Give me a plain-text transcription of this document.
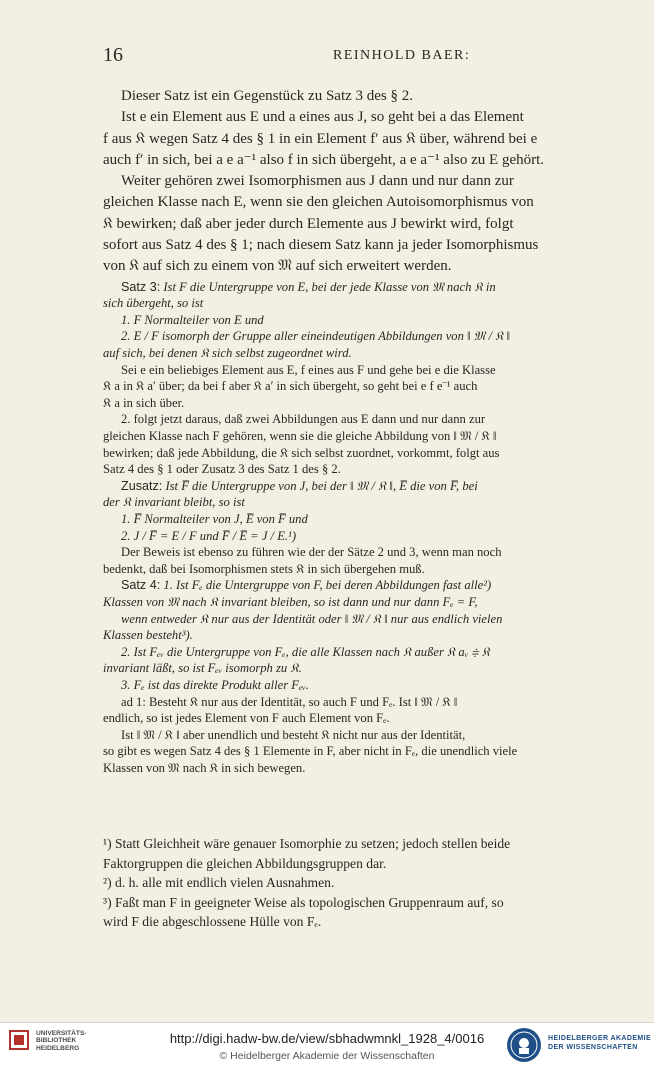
16	REINHOLD BAER:

Dieser Satz ist ein Gegenstück zu Satz 3 des § 2.

Ist e ein Element aus E und a eines aus J, so geht bei a das Element
f aus 𝔎 wegen Satz 4 des § 1 in ein Element f′ aus 𝔎 über, während bei e
auch f′ in sich, bei a e a⁻¹ also f in sich übergeht, a e a⁻¹ also zu E gehört.

Weiter gehören zwei Isomorphismen aus J dann und nur dann zur
gleichen Klasse nach E, wenn sie den gleichen Autoisomorphismus von
𝔎 bewirken; daß aber jeder durch Elemente aus J bewirkt wird, folgt
sofort aus Satz 4 des § 1; nach diesem Satz kann ja jeder Isomorphismus
von 𝔎 auf sich zu einem von 𝔐 auf sich erweitert werden.

Satz 3: Ist F die Untergruppe von E, bei der jede Klasse von 𝔐 nach 𝔎 in
sich übergeht, so ist

1. F Normalteiler von E und

2. E / F isomorph der Gruppe aller eineindeutigen Abbildungen von ‖ 𝔐 / 𝔎 ‖
auf sich, bei denen 𝔎 sich selbst zugeordnet wird.

Sei e ein beliebiges Element aus E, f eines aus F und gehe bei e die Klasse
𝔎 a in 𝔎 a′ über; da bei f aber 𝔎 a′ in sich übergeht, so geht bei e f e⁻¹ auch
𝔎 a in sich über.

2. folgt jetzt daraus, daß zwei Abbildungen aus E dann und nur dann zur
gleichen Klasse nach F gehören, wenn sie die gleiche Abbildung von ‖ 𝔐 / 𝔎 ‖
bewirken; daß jede Abbildung, die 𝔎 sich selbst zuordnet, vorkommt, folgt aus
Satz 4 des § 1 oder Zusatz 3 des Satz 1 des § 2.

Zusatz: Ist F̅ die Untergruppe von J, bei der ‖ 𝔐 / 𝔎 ‖, E̅ die von F̅, bei
der 𝔎 invariant bleibt, so ist

1. F̅ Normalteiler von J, E̅ von F̅ und

2. J / F̅ = E / F und F̅ / E̅ = J / E.¹)

Der Beweis ist ebenso zu führen wie der der Sätze 2 und 3, wenn man noch
bedenkt, daß bei Isomorphismen stets 𝔎 in sich übergehen muß.

Satz 4: 1. Ist Fₑ die Untergruppe von F, bei deren Abbildungen fast alle²)
Klassen von 𝔐 nach 𝔎 invariant bleiben, so ist dann und nur dann Fₑ = F,

wenn entweder 𝔎 nur aus der Identität oder ‖ 𝔐 / 𝔎 ‖ nur aus endlich vielen
Klassen besteht³).

2. Ist Fₑᵥ die Untergruppe von Fₑ, die alle Klassen nach 𝔎 außer 𝔎 aᵥ ≑ 𝔎
invariant läßt, so ist Fₑᵥ isomorph zu 𝔎.

3. Fₑ ist das direkte Produkt aller Fₑᵥ.

ad 1: Besteht 𝔎 nur aus der Identität, so auch F und Fₑ. Ist ‖ 𝔐 / 𝔎 ‖
endlich, so ist jedes Element von F auch Element von Fₑ.

Ist ‖ 𝔐 / 𝔎 ‖ aber unendlich und besteht 𝔎 nicht nur aus der Identität,
so gibt es wegen Satz 4 des § 1 Elemente in F, aber nicht in Fₑ, die unendlich viele
Klassen von 𝔐 nach 𝔎 in sich bewegen.

¹) Statt Gleichheit wäre genauer Isomorphie zu setzen; jedoch stellen beide
Faktorgruppen die gleichen Abbildungsgruppen dar.

²) d. h. alle mit endlich vielen Ausnahmen.

³) Faßt man F in geeigneter Weise als topologischen Gruppenraum auf, so
wird F die abgeschlossene Hülle von Fₑ.

UNIVERSITÄTS-
BIBLIOTHEK
HEIDELBERG
http://digi.hadw-bw.de/view/sbhadwmnkl_1928_4/0016
© Heidelberger Akademie der Wissenschaften
HEIDELBERGER AKADEMIE
DER WISSENSCHAFTEN
